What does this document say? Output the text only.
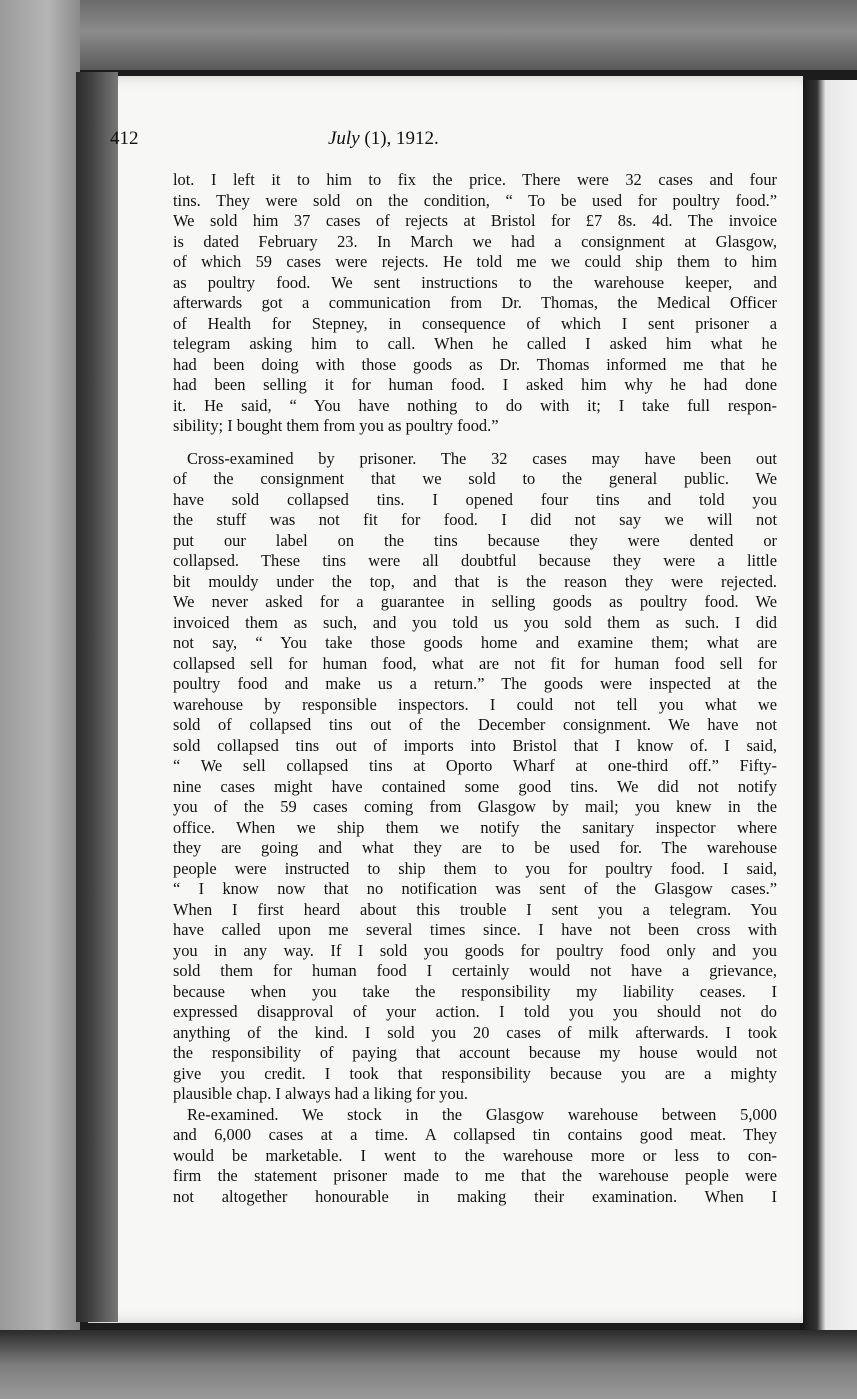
412	July (1), 1912.
lot. I left it to him to fix the price. There were 32 cases and four
tins. They were sold on the condition, “ To be used for poultry food.”
We sold him 37 cases of rejects at Bristol for £7 8s. 4d. The invoice
is dated February 23. In March we had a consignment at Glasgow,
of which 59 cases were rejects. He told me we could ship them to him
as poultry food. We sent instructions to the warehouse keeper, and
afterwards got a communication from Dr. Thomas, the Medical Officer
of Health for Stepney, in consequence of which I sent prisoner a
telegram asking him to call. When he called I asked him what he
had been doing with those goods as Dr. Thomas informed me that he
had been selling it for human food. I asked him why he had done
it. He said, “ You have nothing to do with it; I take full respon-
sibility; I bought them from you as poultry food.”
Cross-examined by prisoner. The 32 cases may have been out
of the consignment that we sold to the general public. We
have sold collapsed tins. I opened four tins and told you
the stuff was not fit for food. I did not say we will not
put our label on the tins because they were dented or
collapsed. These tins were all doubtful because they were a little
bit mouldy under the top, and that is the reason they were rejected.
We never asked for a guarantee in selling goods as poultry food. We
invoiced them as such, and you told us you sold them as such. I did
not say, “ You take those goods home and examine them; what are
collapsed sell for human food, what are not fit for human food sell for
poultry food and make us a return.” The goods were inspected at the
warehouse by responsible inspectors. I could not tell you what we
sold of collapsed tins out of the December consignment. We have not
sold collapsed tins out of imports into Bristol that I know of. I said,
“ We sell collapsed tins at Oporto Wharf at one-third off.” Fifty-
nine cases might have contained some good tins. We did not notify
you of the 59 cases coming from Glasgow by mail; you knew in the
office. When we ship them we notify the sanitary inspector where
they are going and what they are to be used for. The warehouse
people were instructed to ship them to you for poultry food. I said,
“ I know now that no notification was sent of the Glasgow cases.”
When I first heard about this trouble I sent you a telegram. You
have called upon me several times since. I have not been cross with
you in any way. If I sold you goods for poultry food only and you
sold them for human food I certainly would not have a grievance,
because when you take the responsibility my liability ceases. I
expressed disapproval of your action. I told you you should not do
anything of the kind. I sold you 20 cases of milk afterwards. I took
the responsibility of paying that account because my house would not
give you credit. I took that responsibility because you are a mighty
plausible chap. I always had a liking for you.
Re-examined. We stock in the Glasgow warehouse between 5,000
and 6,000 cases at a time. A collapsed tin contains good meat. They
would be marketable. I went to the warehouse more or less to con-
firm the statement prisoner made to me that the warehouse people were
not altogether honourable in making their examination. When I
